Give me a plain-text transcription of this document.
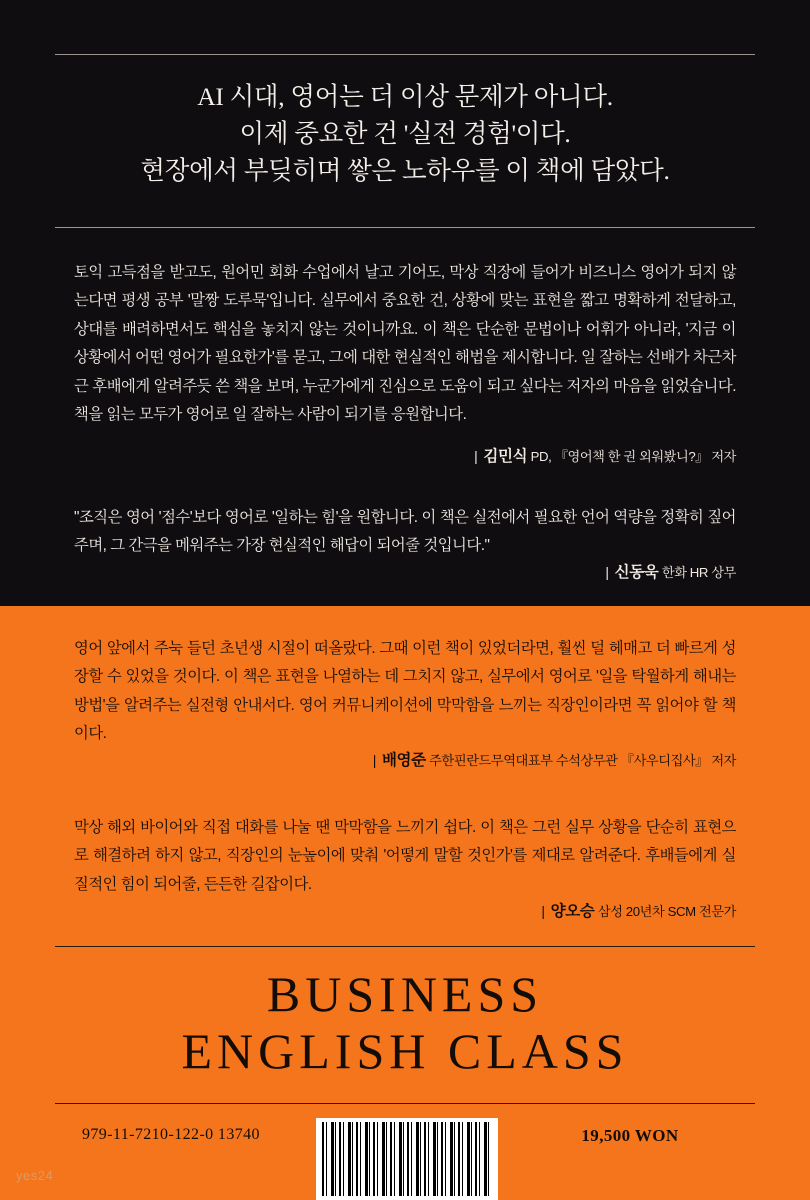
AI 시대, 영어는 더 이상 문제가 아니다.
이제 중요한 건 '실전 경험'이다.
현장에서 부딪히며 쌓은 노하우를 이 책에 담았다.
토익 고득점을 받고도, 원어민 회화 수업에서 날고 기어도, 막상 직장에 들어가 비즈니스 영어가 되지 않는다면 평생 공부 '말짱 도루묵'입니다. 실무에서 중요한 건, 상황에 맞는 표현을 짧고 명확하게 전달하고, 상대를 배려하면서도 핵심을 놓치지 않는 것이니까요. 이 책은 단순한 문법이나 어휘가 아니라, '지금 이 상황에서 어떤 영어가 필요한가'를 묻고, 그에 대한 현실적인 해법을 제시합니다. 일 잘하는 선배가 차근차근 후배에게 알려주듯 쓴 책을 보며, 누군가에게 진심으로 도움이 되고 싶다는 저자의 마음을 읽었습니다. 책을 읽는 모두가 영어로 일 잘하는 사람이 되기를 응원합니다.
| 김민식 PD, 『영어책 한 권 외워봤니?』 저자
"조직은 영어 '점수'보다 영어로 '일하는 힘'을 원합니다. 이 책은 실전에서 필요한 언어 역량을 정확히 짚어주며, 그 간극을 메워주는 가장 현실적인 해답이 되어줄 것입니다."
| 신동욱 한화 HR 상무
영어 앞에서 주눅 들던 초년생 시절이 떠올랐다. 그때 이런 책이 있었더라면, 훨씬 덜 헤매고 더 빠르게 성장할 수 있었을 것이다. 이 책은 표현을 나열하는 데 그치지 않고, 실무에서 영어로 '일을 탁월하게 해내는 방법'을 알려주는 실전형 안내서다. 영어 커뮤니케이션에 막막함을 느끼는 직장인이라면 꼭 읽어야 할 책이다.
| 배영준 주한핀란드무역대표부 수석상무관 『사우디집사』 저자
막상 해외 바이어와 직접 대화를 나눌 땐 막막함을 느끼기 쉽다. 이 책은 그런 실무 상황을 단순히 표현으로 해결하려 하지 않고, 직장인의 눈높이에 맞춰 '어떻게 말할 것인가'를 제대로 알려준다. 후배들에게 실질적인 힘이 되어줄, 든든한 길잡이다.
| 양오승 삼성 20년차 SCM 전문가
BUSINESS
ENGLISH CLASS
979-11-7210-122-0 13740	19,500 WON
yes24
